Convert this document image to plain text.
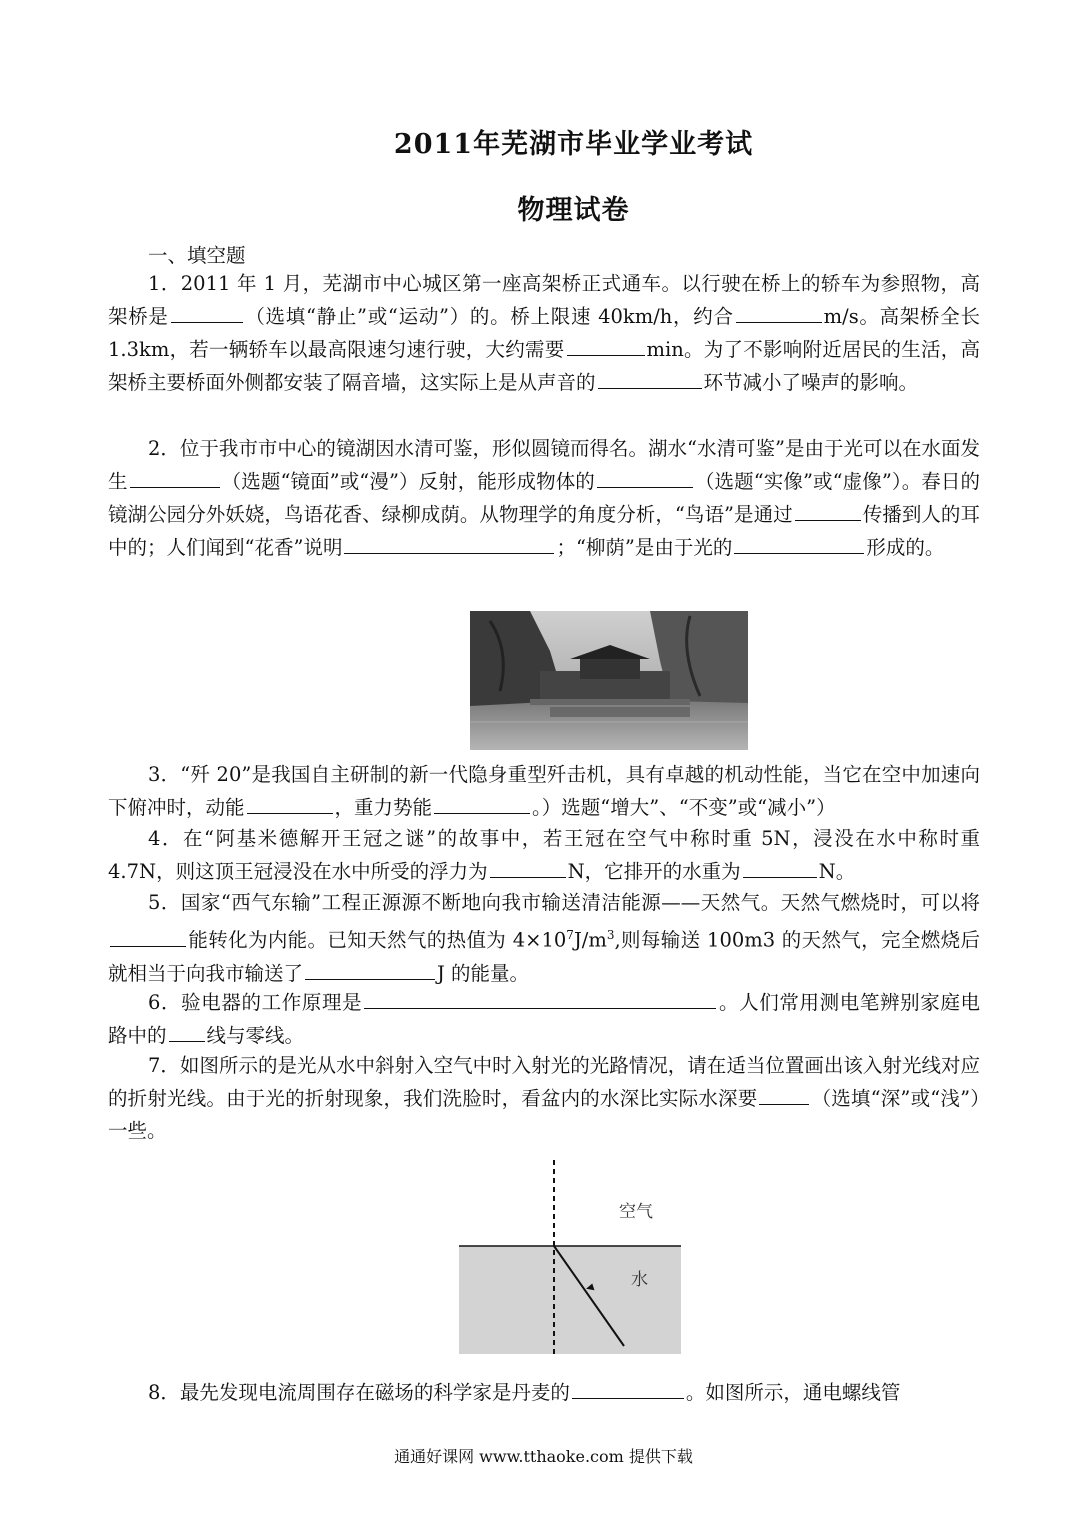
2011年芜湖市毕业学业考试
物理试卷
一、填空题
1．2011 年 1 月，芜湖市中心城区第一座高架桥正式通车。以行驶在桥上的轿车为参照物，高架桥是	（选填“静止”或“运动”）的。桥上限速 40km/h，约合	m/s。高架桥全长 1.3km，若一辆轿车以最高限速匀速行驶，大约需要	min。为了不影响附近居民的生活，高架桥主要桥面外侧都安装了隔音墙，这实际上是从声音的	环节减小了噪声的影响。
2．位于我市市中心的镜湖因水清可鉴，形似圆镜而得名。湖水“水清可鉴”是由于光可以在水面发生	（选题“镜面”或“漫”）反射，能形成物体的	（选题“实像”或“虚像”）。春日的镜湖公园分外妖娆，鸟语花香、绿柳成荫。从物理学的角度分析，“鸟语”是通过	传播到人的耳中的；人们闻到“花香”说明	；“柳荫”是由于光的	形成的。
3．“歼 20”是我国自主研制的新一代隐身重型歼击机，具有卓越的机动性能，当它在空中加速向下俯冲时，动能	，重力势能	。）选题“增大”、“不变”或“减小”）
4．在“阿基米德解开王冠之谜”的故事中，若王冠在空气中称时重 5N，浸没在水中称时重 4.7N，则这顶王冠浸没在水中所受的浮力为	N，它排开的水重为	N。
5．国家“西气东输”工程正源源不断地向我市输送清洁能源——天然气。天然气燃烧时，可以将能转化为内能。已知天然气的热值为 $4\times 10^7J/m^3$,则每输送 100m3 的天然气，完全燃烧后就相当于向我市输送了	J 的能量。
6．验电器的工作原理是	。人们常用测电笔辨别家庭电路中的 线与零线。
7．如图所示的是光从水中斜射入空气中时入射光的光路情况，请在适当位置画出该入射光线对应的折射光线。由于光的折射现象，我们洗脸时，看盆内的水深比实际水深要	（选填“深”或“浅”）一些。
空气
水
8．最先发现电流周围存在磁场的科学家是丹麦的	。如图所示，通电螺线管
通通好课网 www.tthaoke.com 提供下载
